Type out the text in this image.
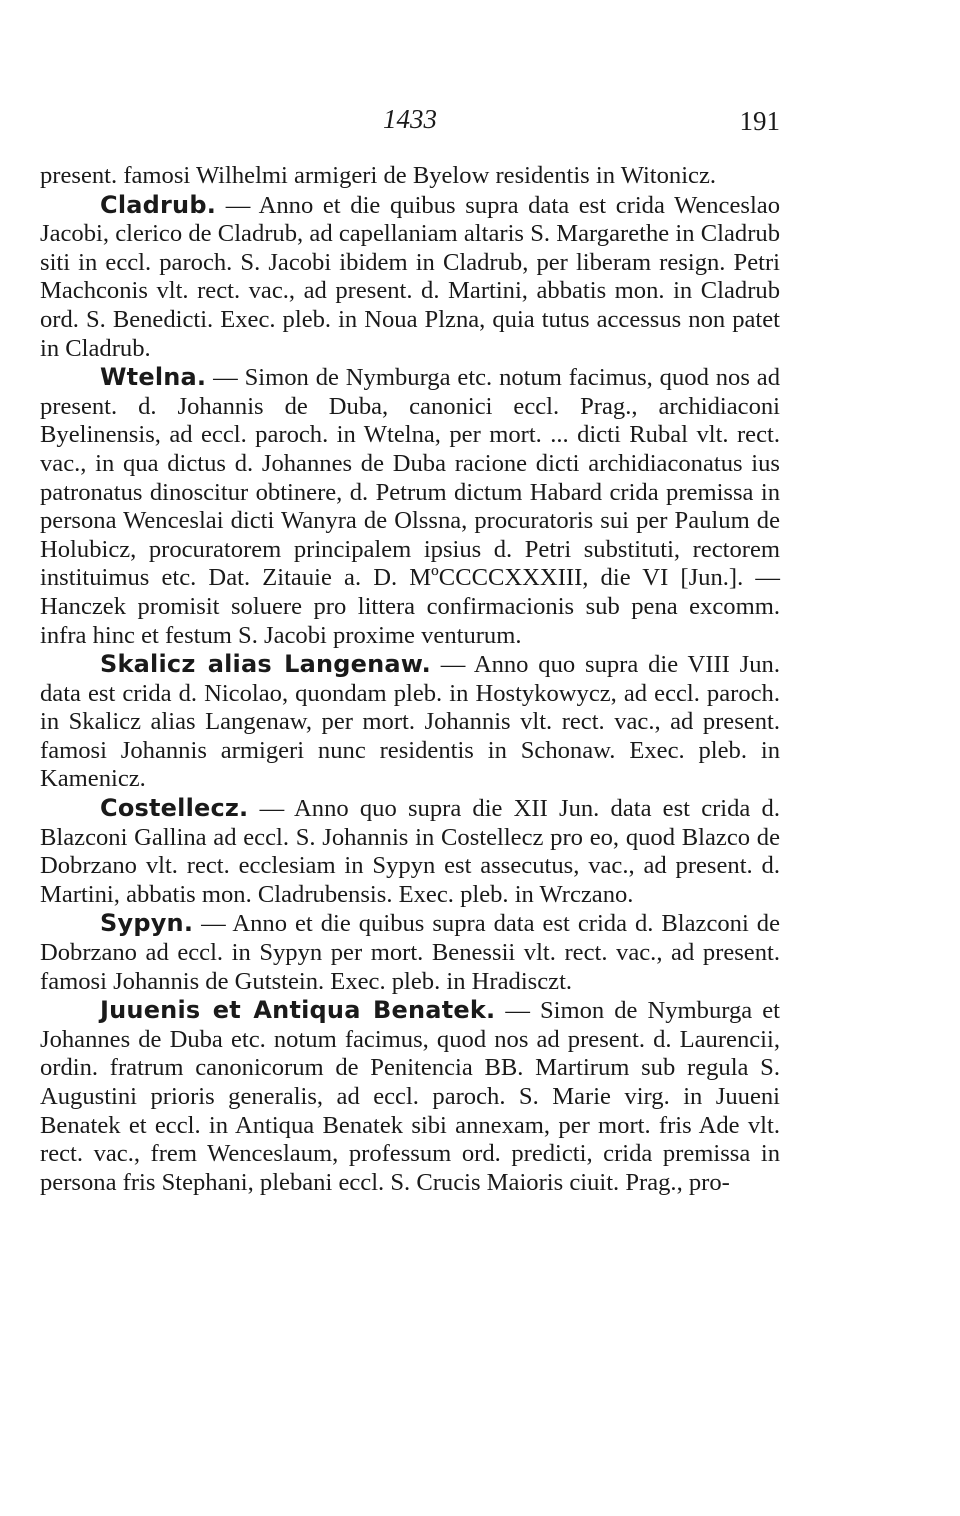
1433	191

present. famosi Wilhelmi armigeri de Byelow residentis in Witonicz.

Cladrub. — Anno et die quibus supra data est crida Wenceslao Jacobi, clerico de Cladrub, ad capellaniam altaris S. Margarethe in Cladrub siti in eccl. paroch. S. Jacobi ibidem in Cladrub, per liberam resign. Petri Machconis vlt. rect. vac., ad present. d. Martini, abbatis mon. in Cladrub ord. S. Benedicti. Exec. pleb. in Noua Plzna, quia tutus accessus non patet in Cladrub.

Wtelna. — Simon de Nymburga etc. notum facimus, quod nos ad present. d. Johannis de Duba, canonici eccl. Prag., archidiaconi Byelinensis, ad eccl. paroch. in Wtelna, per mort. ... dicti Rubal vlt. rect. vac., in qua dictus d. Johannes de Duba racione dicti archidiaconatus ius patronatus dinoscitur obtinere, d. Petrum dictum Habard crida premissa in persona Wenceslai dicti Wanyra de Olssna, procuratoris sui per Paulum de Holubicz, procuratorem principalem ipsius d. Petri substituti, rectorem instituimus etc. Dat. Zitauie a. D. MºCCCCXXXIII, die VI [Jun.]. — Hanczek promisit soluere pro littera confirmacionis sub pena excomm. infra hinc et festum S. Jacobi proxime venturum.

Skalicz alias Langenaw. — Anno quo supra die VIII Jun. data est crida d. Nicolao, quondam pleb. in Hostykowycz, ad eccl. paroch. in Skalicz alias Langenaw, per mort. Johannis vlt. rect. vac., ad present. famosi Johannis armigeri nunc residentis in Schonaw. Exec. pleb. in Kamenicz.

Costellecz. — Anno quo supra die XII Jun. data est crida d. Blazconi Gallina ad eccl. S. Johannis in Costellecz pro eo, quod Blazco de Dobrzano vlt. rect. ecclesiam in Sypyn est assecutus, vac., ad present. d. Martini, abbatis mon. Cladrubensis. Exec. pleb. in Wrczano.

Sypyn. — Anno et die quibus supra data est crida d. Blazconi de Dobrzano ad eccl. in Sypyn per mort. Benessii vlt. rect. vac., ad present. famosi Johannis de Gutstein. Exec. pleb. in Hradisczt.

Juuenis et Antiqua Benatek. — Simon de Nymburga et Johannes de Duba etc. notum facimus, quod nos ad present. d. Laurencii, ordin. fratrum canonicorum de Penitencia BB. Martirum sub regula S. Augustini prioris generalis, ad eccl. paroch. S. Marie virg. in Juueni Benatek et eccl. in Antiqua Benatek sibi annexam, per mort. fris Ade vlt. rect. vac., frem Wenceslaum, professum ord. predicti, crida premissa in persona fris Stephani, plebani eccl. S. Crucis Maioris ciuit. Prag., pro-
